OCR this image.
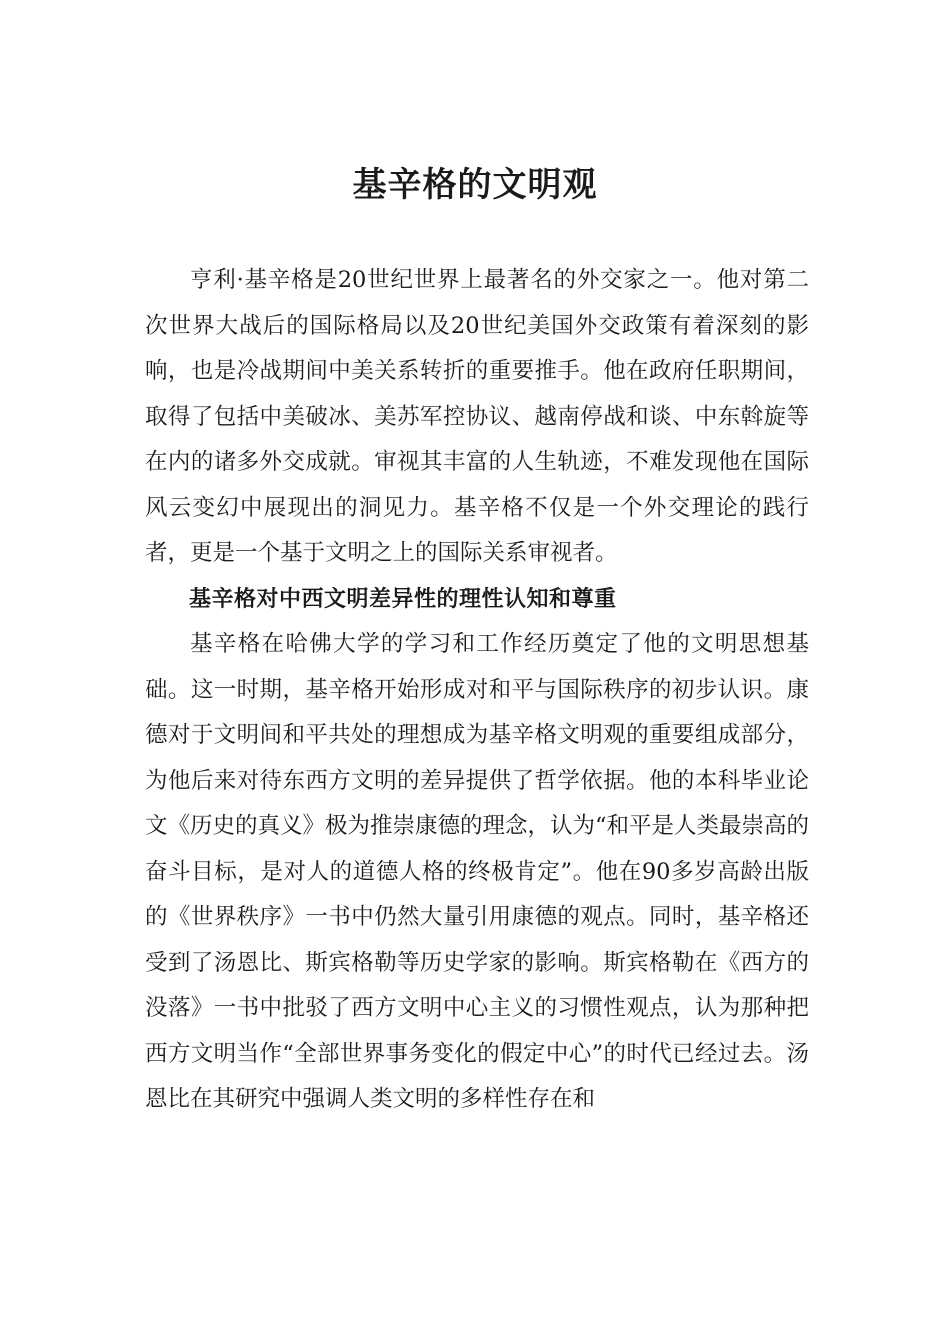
基辛格的文明观

亨利·基辛格是20世纪世界上最著名的外交家之一。他对第二次世界大战后的国际格局以及20世纪美国外交政策有着深刻的影响，也是冷战期间中美关系转折的重要推手。他在政府任职期间，取得了包括中美破冰、美苏军控协议、越南停战和谈、中东斡旋等在内的诸多外交成就。审视其丰富的人生轨迹，不难发现他在国际风云变幻中展现出的洞见力。基辛格不仅是一个外交理论的践行者，更是一个基于文明之上的国际关系审视者。

基辛格对中西文明差异性的理性认知和尊重

基辛格在哈佛大学的学习和工作经历奠定了他的文明思想基础。这一时期，基辛格开始形成对和平与国际秩序的初步认识。康德对于文明间和平共处的理想成为基辛格文明观的重要组成部分，为他后来对待东西方文明的差异提供了哲学依据。他的本科毕业论文《历史的真义》极为推崇康德的理念，认为“和平是人类最崇高的奋斗目标，是对人的道德人格的终极肯定”。他在90多岁高龄出版的《世界秩序》一书中仍然大量引用康德的观点。同时，基辛格还受到了汤恩比、斯宾格勒等历史学家的影响。斯宾格勒在《西方的没落》一书中批驳了西方文明中心主义的习惯性观点，认为那种把西方文明当作“全部世界事务变化的假定中心”的时代已经过去。汤恩比在其研究中强调人类文明的多样性存在和
